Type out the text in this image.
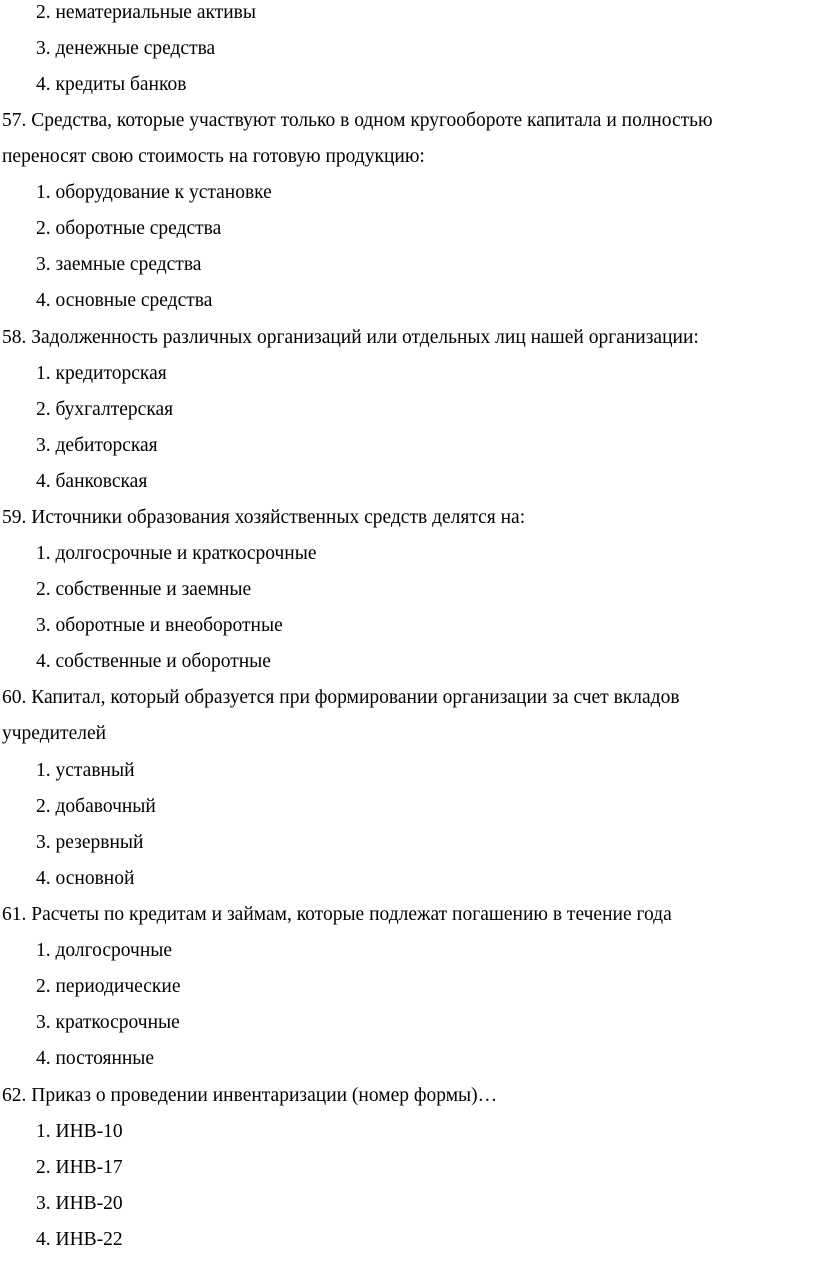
2. нематериальные активы
3. денежные средства
4. кредиты банков
57. Средства, которые участвуют только в одном кругообороте капитала и полностью
переносят свою стоимость на готовую продукцию:
1. оборудование к установке
2. оборотные средства
3. заемные средства
4. основные средства
58. Задолженность различных организаций или отдельных лиц нашей организации:
1. кредиторская
2. бухгалтерская
3. дебиторская
4. банковская
59. Источники образования хозяйственных средств делятся на:
1. долгосрочные и краткосрочные
2. собственные и заемные
3. оборотные и внеоборотные
4. собственные и оборотные
60. Капитал, который образуется при формировании организации за счет вкладов
учредителей
1. уставный
2. добавочный
3. резервный
4. основной
61. Расчеты по кредитам и займам, которые подлежат погашению в течение года
1. долгосрочные
2. периодические
3. краткосрочные
4. постоянные
62. Приказ о проведении инвентаризации (номер формы)…
1. ИНВ-10
2. ИНВ-17
3. ИНВ-20
4. ИНВ-22
